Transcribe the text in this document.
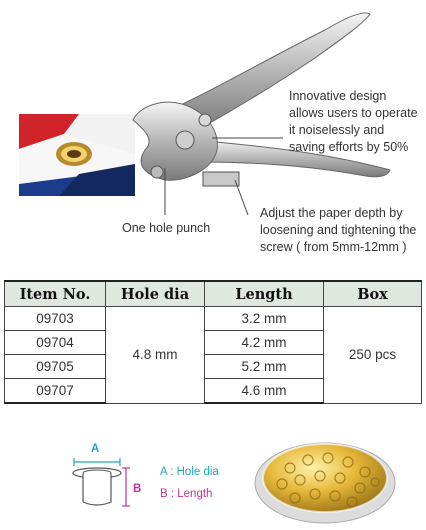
Innovative design
allows users to operate
it noiselessly and
saving efforts by 50%
One hole punch
Adjust the paper depth by
loosening and tightening the
screw ( from 5mm-12mm )
Item No.	Hole dia	Length	Box
09703	4.8 mm	3.2 mm	250 pcs
09704		4.2 mm	
09705		5.2 mm	
09707		4.6 mm	
A
B
A : Hole dia
B : Length
